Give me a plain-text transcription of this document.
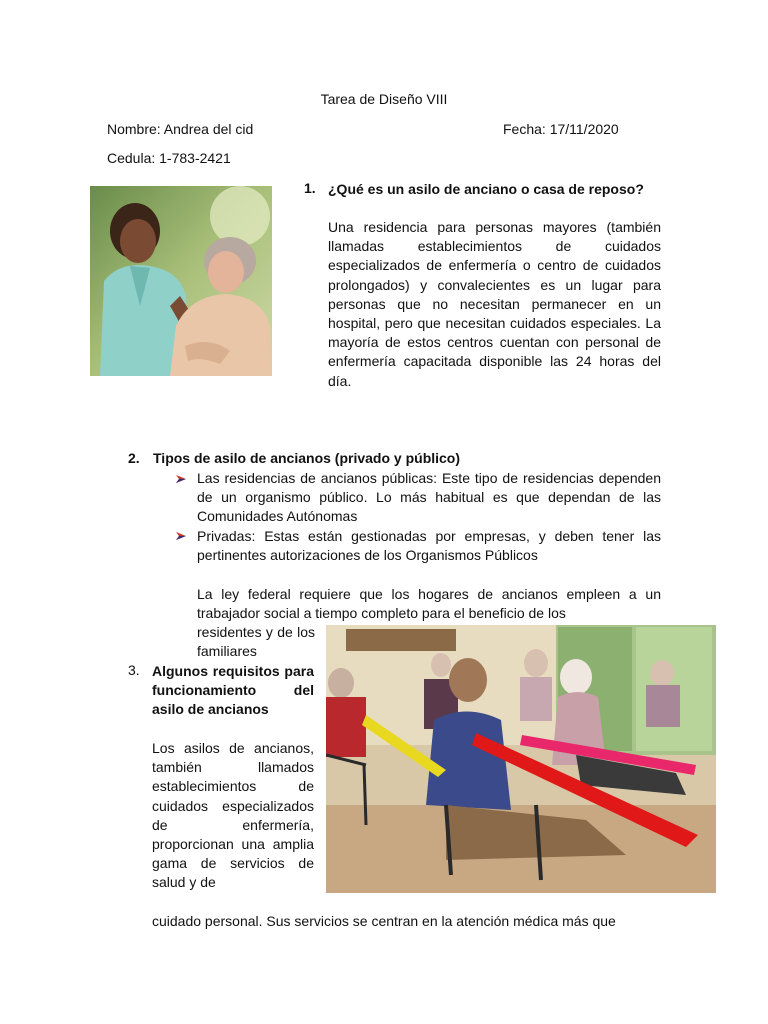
Tarea de Diseño VIII
Nombre: Andrea del cid	Fecha: 17/11/2020
Cedula: 1-783-2421
1. ¿Qué es un asilo de anciano o casa de reposo?
Una residencia para personas mayores (también llamadas establecimientos de cuidados especializados de enfermería o centro de cuidados prolongados) y convalecientes es un lugar para personas que no necesitan permanecer en un hospital, pero que necesitan cuidados especiales. La mayoría de estos centros cuentan con personal de enfermería capacitada disponible las 24 horas del día.
2. Tipos de asilo de ancianos (privado y público)
Las residencias de ancianos públicas: Este tipo de residencias dependen de un organismo público. Lo más habitual es que dependan de las Comunidades Autónomas
Privadas: Estas están gestionadas por empresas, y deben tener las pertinentes autorizaciones de los Organismos Públicos
La ley federal requiere que los hogares de ancianos empleen a un trabajador social a tiempo completo para el beneficio de los
residentes y de los familiares
3. Algunos requisitos para funcionamiento del asilo de ancianos
Los asilos de ancianos, también llamados establecimientos de cuidados especializados de enfermería, proporcionan una amplia gama de servicios de salud y de
cuidado personal. Sus servicios se centran en la atención médica más que
